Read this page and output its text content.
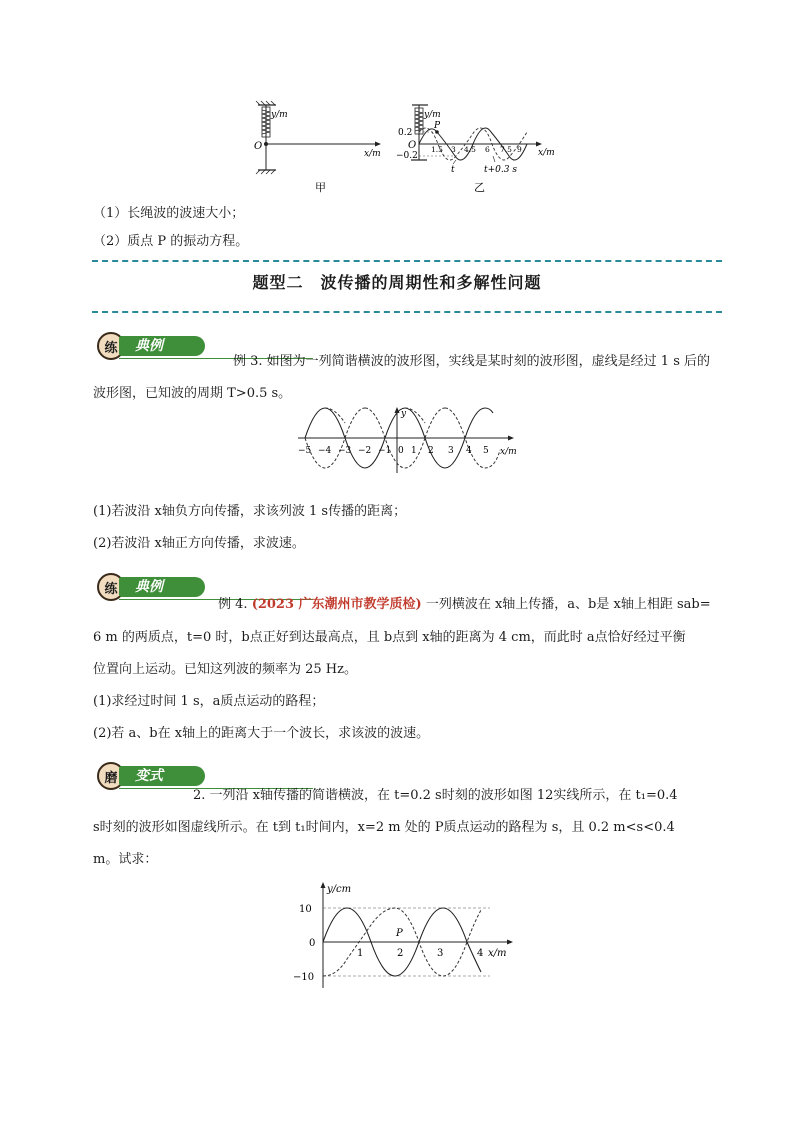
y/m
O
x/m
甲
y/m
0.2
−0.2
O
P
1.5 3 4.5 6 7.5 9 x/m
t	t+0.3 s
乙
（1）长绳波的波速大小；
（2）质点 P 的振动方程。
题型二　波传播的周期性和多解性问题
练	典例
例 3. 如图为一列简谐横波的波形图，实线是某时刻的波形图，虚线是经过 1 s 后的
波形图，已知波的周期 T>0.5 s。
y
−5 −4 −3 −2 −1 0 1 2 3 4 5 x/m
(1)若波沿 x轴负方向传播，求该列波 1 s传播的距离；
(2)若波沿 x轴正方向传播，求波速。
练	典例
例 4. (2023 广东潮州市教学质检) 一列横波在 x轴上传播，a、b是 x轴上相距 sab=
6 m 的两质点，t=0 时，b点正好到达最高点，且 b点到 x轴的距离为 4 cm，而此时 a点恰好经过平衡
位置向上运动。已知这列波的频率为 25 Hz。
(1)求经过时间 1 s，a质点运动的路程；
(2)若 a、b在 x轴上的距离大于一个波长，求该波的波速。
磨	变式
2. 一列沿 x轴传播的简谐横波，在 t=0.2 s时刻的波形如图 12实线所示，在 t₁=0.4
s时刻的波形如图虚线所示。在 t到 t₁时间内，x=2 m 处的 P质点运动的路程为 s，且 0.2 m<s<0.4
m。试求：
y/cm
10
0
−10
P
1	2	3	4 x/m
